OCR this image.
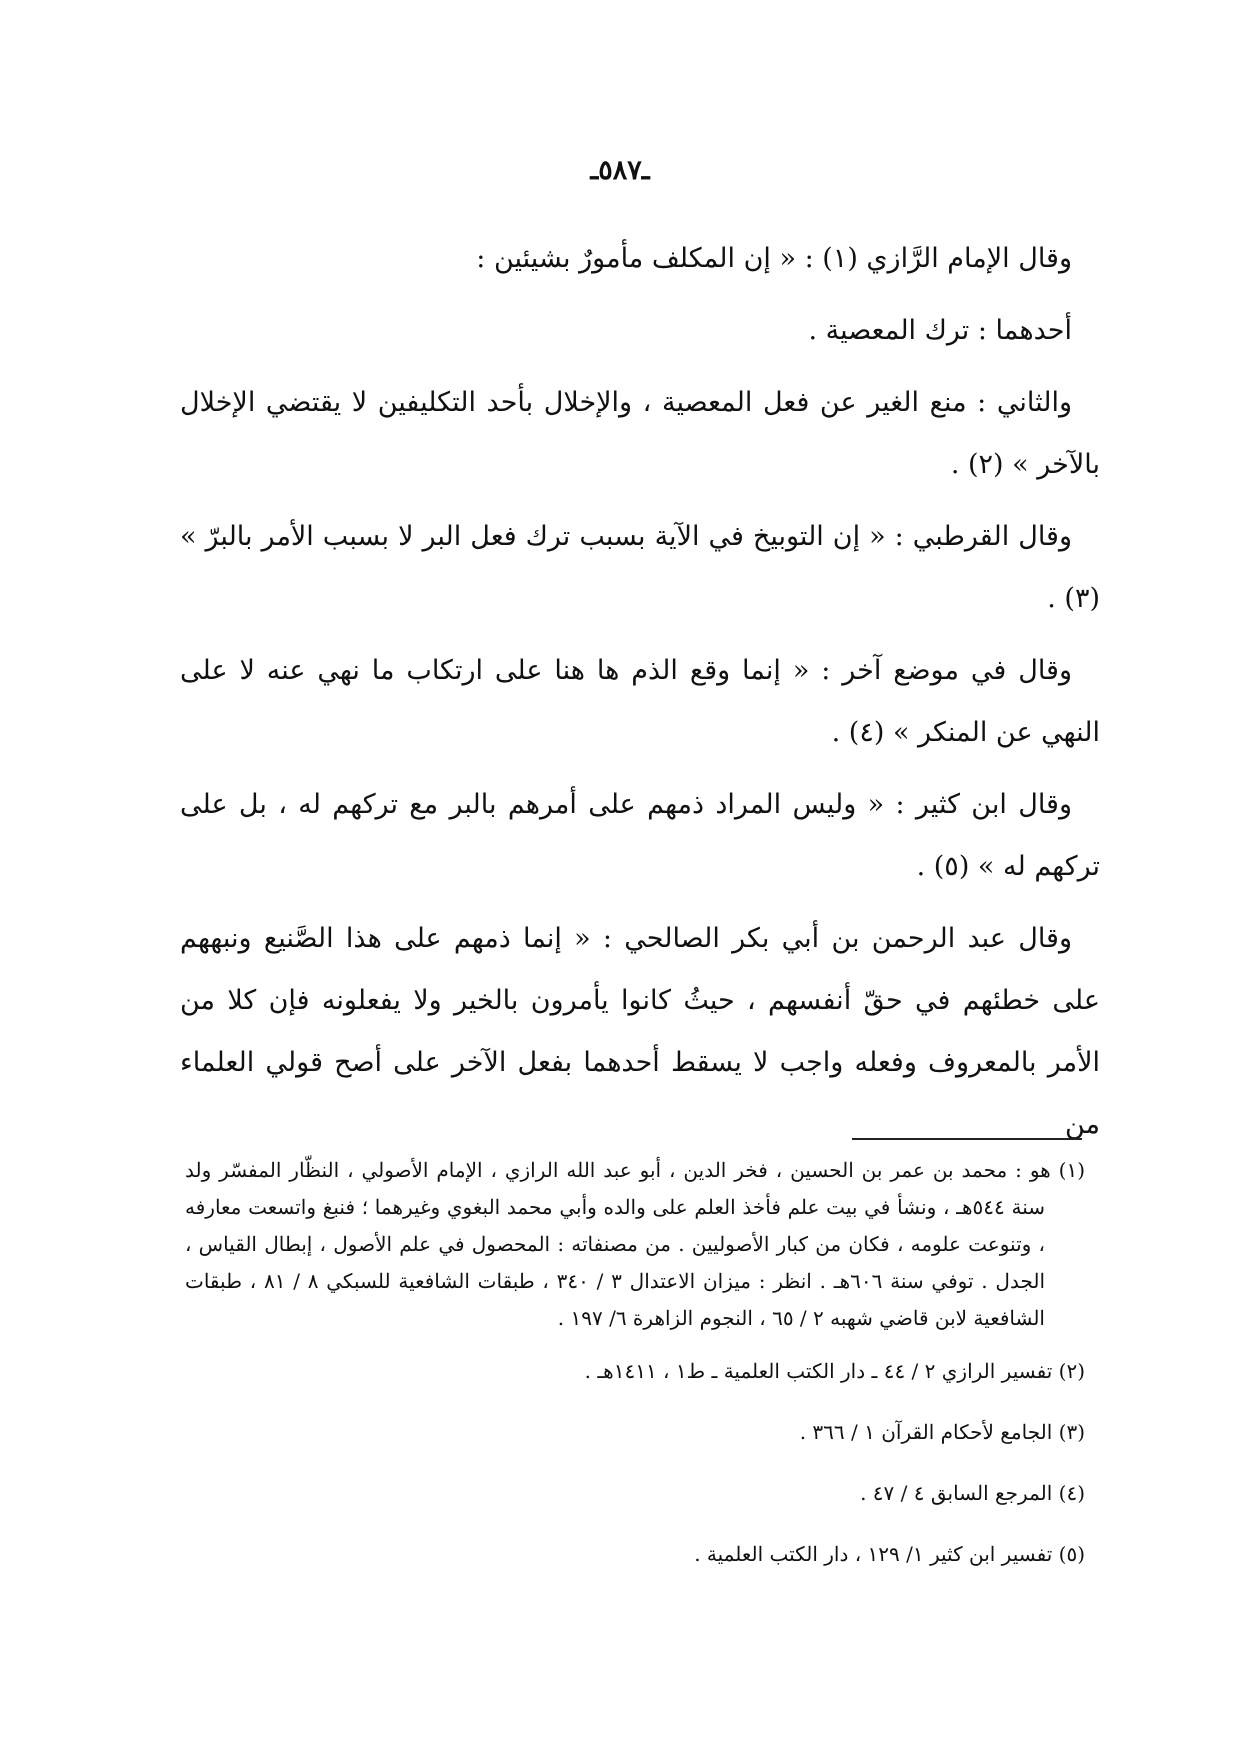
ـ٥٨٧ـ

وقال الإمام الرَّازي (١) : « إن المكلف مأمورٌ بشيئين :

أحدهما : ترك المعصية .

والثاني : منع الغير عن فعل المعصية ، والإخلال بأحد التكليفين لا يقتضي الإخلال بالآخر » (٢) .

وقال القرطبي : « إن التوبيخ في الآية بسبب ترك فعل البر لا بسبب الأمر بالبرّ » (٣) .

وقال في موضع آخر : « إنما وقع الذم ها هنا على ارتكاب ما نهي عنه لا على النهي عن المنكر » (٤) .

وقال ابن كثير : « وليس المراد ذمهم على أمرهم بالبر مع تركهم له ، بل على تركهم له » (٥) .

وقال عبد الرحمن بن أبي بكر الصالحي : « إنما ذمهم على هذا الصَّنيع ونبههم على خطئهم في حقّ أنفسهم ، حيثُ كانوا يأمرون بالخير ولا يفعلونه فإن كلا من الأمر بالمعروف وفعله واجب لا يسقط أحدهما بفعل الآخر على أصح قولي العلماء من

(١) هو : محمد بن عمر بن الحسين ، فخر الدين ، أبو عبد الله الرازي ، الإمام الأصولي ، النظّار المفسّر ولد سنة ٥٤٤هـ ، ونشأ في بيت علم فأخذ العلم على والده وأبي محمد البغوي وغيرهما ؛ فنبغ واتسعت معارفه ، وتنوعت علومه ، فكان من كبار الأصوليين . من مصنفاته : المحصول في علم الأصول ، إبطال القياس ، الجدل . توفي سنة ٦٠٦هـ . انظر : ميزان الاعتدال ٣ / ٣٤٠ ، طبقات الشافعية للسبكي ٨ / ٨١ ، طبقات الشافعية لابن قاضي شهبه ٢ / ٦٥ ، النجوم الزاهرة ٦/ ١٩٧ .

(٢) تفسير الرازي ٢ / ٤٤ ـ دار الكتب العلمية ـ ط١ ، ١٤١١هـ .

(٣) الجامع لأحكام القرآن ١ / ٣٦٦ .

(٤) المرجع السابق ٤ / ٤٧ .

(٥) تفسير ابن كثير ١/ ١٢٩ ، دار الكتب العلمية .
